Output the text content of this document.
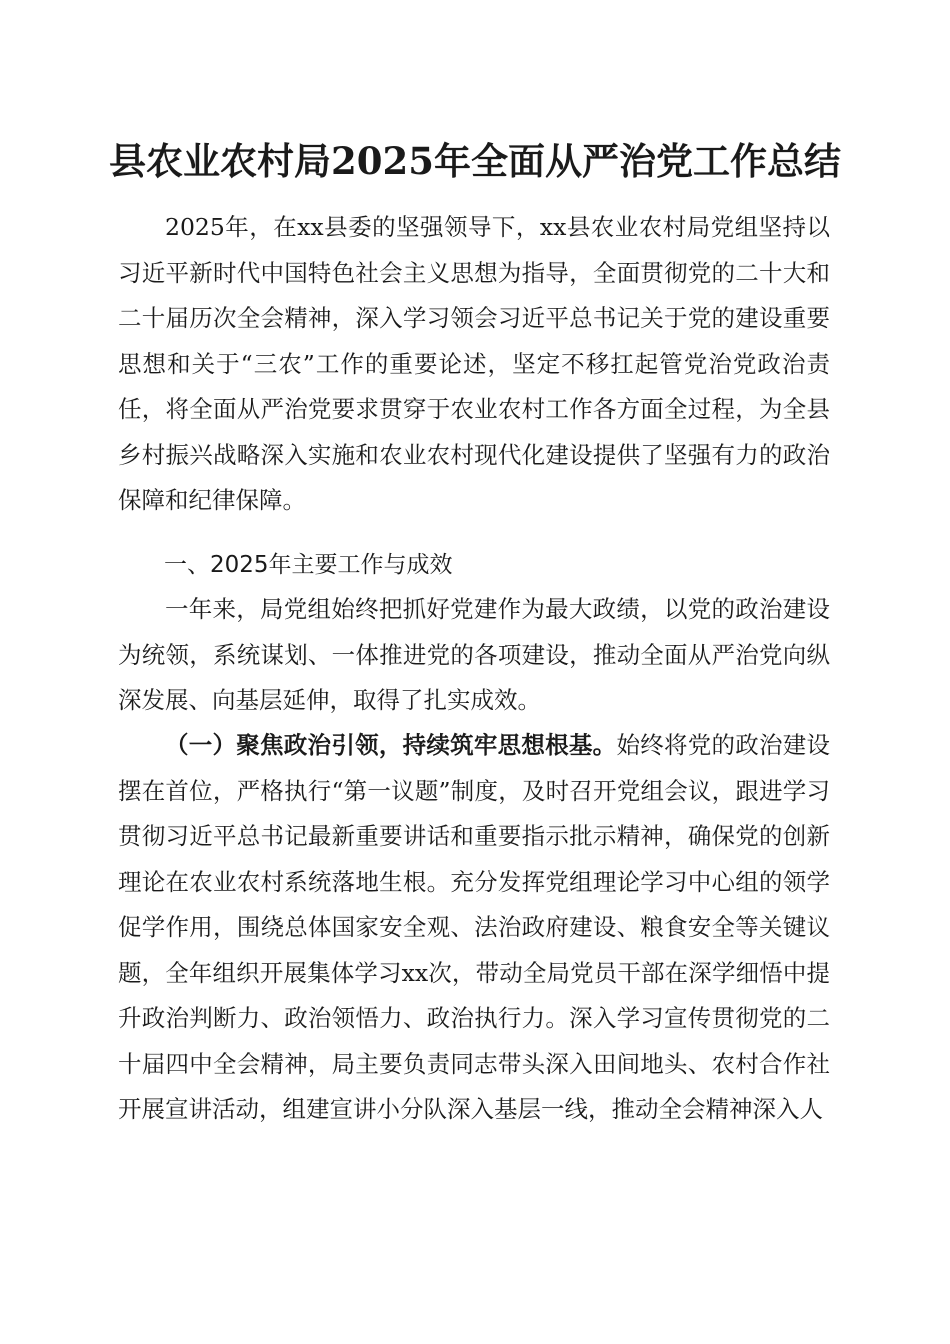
县农业农村局2025年全面从严治党工作总结
2025年，在xx县委的坚强领导下，xx县农业农村局党组坚持以习近平新时代中国特色社会主义思想为指导，全面贯彻党的二十大和二十届历次全会精神，深入学习领会习近平总书记关于党的建设重要思想和关于“三农”工作的重要论述，坚定不移扛起管党治党政治责任，将全面从严治党要求贯穿于农业农村工作各方面全过程，为全县乡村振兴战略深入实施和农业农村现代化建设提供了坚强有力的政治保障和纪律保障。
一、2025年主要工作与成效
一年来，局党组始终把抓好党建作为最大政绩，以党的政治建设为统领，系统谋划、一体推进党的各项建设，推动全面从严治党向纵深发展、向基层延伸，取得了扎实成效。
（一）聚焦政治引领，持续筑牢思想根基。始终将党的政治建设摆在首位，严格执行“第一议题”制度，及时召开党组会议，跟进学习贯彻习近平总书记最新重要讲话和重要指示批示精神，确保党的创新理论在农业农村系统落地生根。充分发挥党组理论学习中心组的领学促学作用，围绕总体国家安全观、法治政府建设、粮食安全等关键议题，全年组织开展集体学习xx次，带动全局党员干部在深学细悟中提升政治判断力、政治领悟力、政治执行力。深入学习宣传贯彻党的二十届四中全会精神，局主要负责同志带头深入田间地头、农村合作社开展宣讲活动，组建宣讲小分队深入基层一线，推动全会精神深入人
